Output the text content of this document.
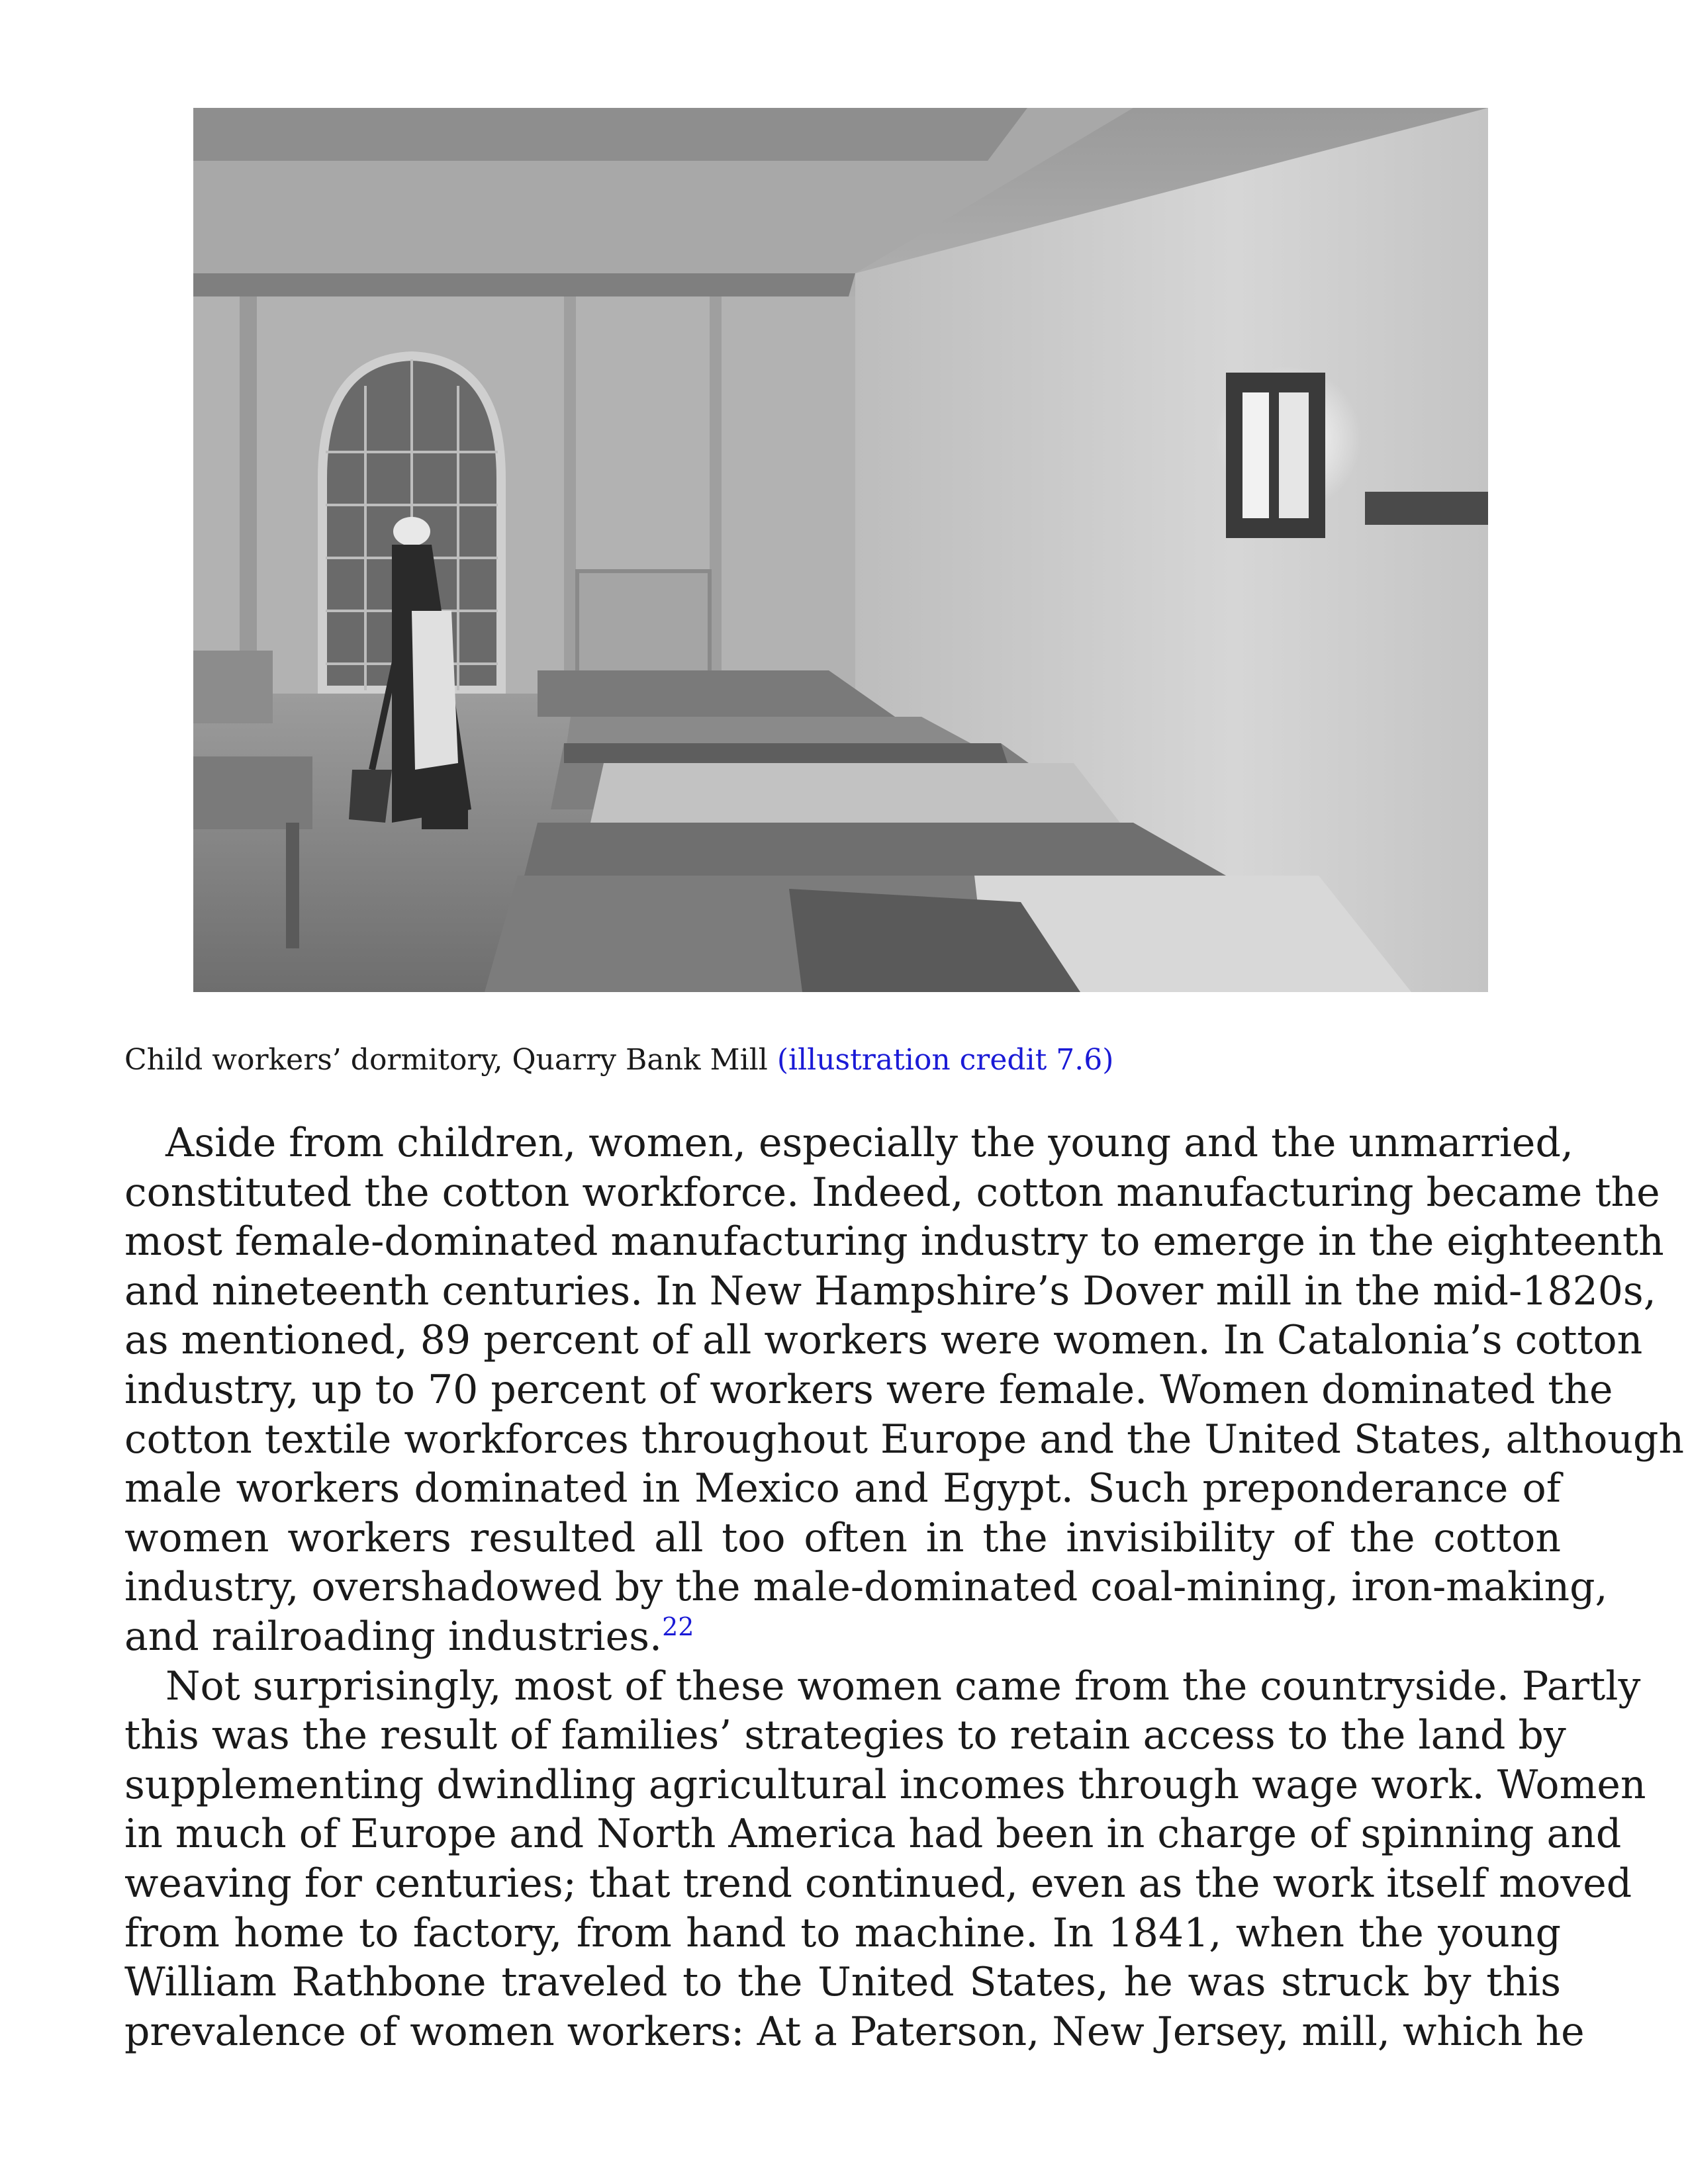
Child workers’ dormitory, Quarry Bank Mill (illustration credit 7.6)
Aside from children, women, especially the young and the unmarried,
constituted the cotton workforce. Indeed, cotton manufacturing became the
most female-dominated manufacturing industry to emerge in the eighteenth
and nineteenth centuries. In New Hampshire’s Dover mill in the mid-1820s,
as mentioned, 89 percent of all workers were women. In Catalonia’s cotton
industry, up to 70 percent of workers were female. Women dominated the
cotton textile workforces throughout Europe and the United States, although
male workers dominated in Mexico and Egypt. Such preponderance of
women workers resulted all too often in the invisibility of the cotton
industry, overshadowed by the male-dominated coal-mining, iron-making,
and railroading industries.$^{22}$
Not surprisingly, most of these women came from the countryside. Partly
this was the result of families’ strategies to retain access to the land by
supplementing dwindling agricultural incomes through wage work. Women
in much of Europe and North America had been in charge of spinning and
weaving for centuries; that trend continued, even as the work itself moved
from home to factory, from hand to machine. In 1841, when the young
William Rathbone traveled to the United States, he was struck by this
prevalence of women workers: At a Paterson, New Jersey, mill, which he
